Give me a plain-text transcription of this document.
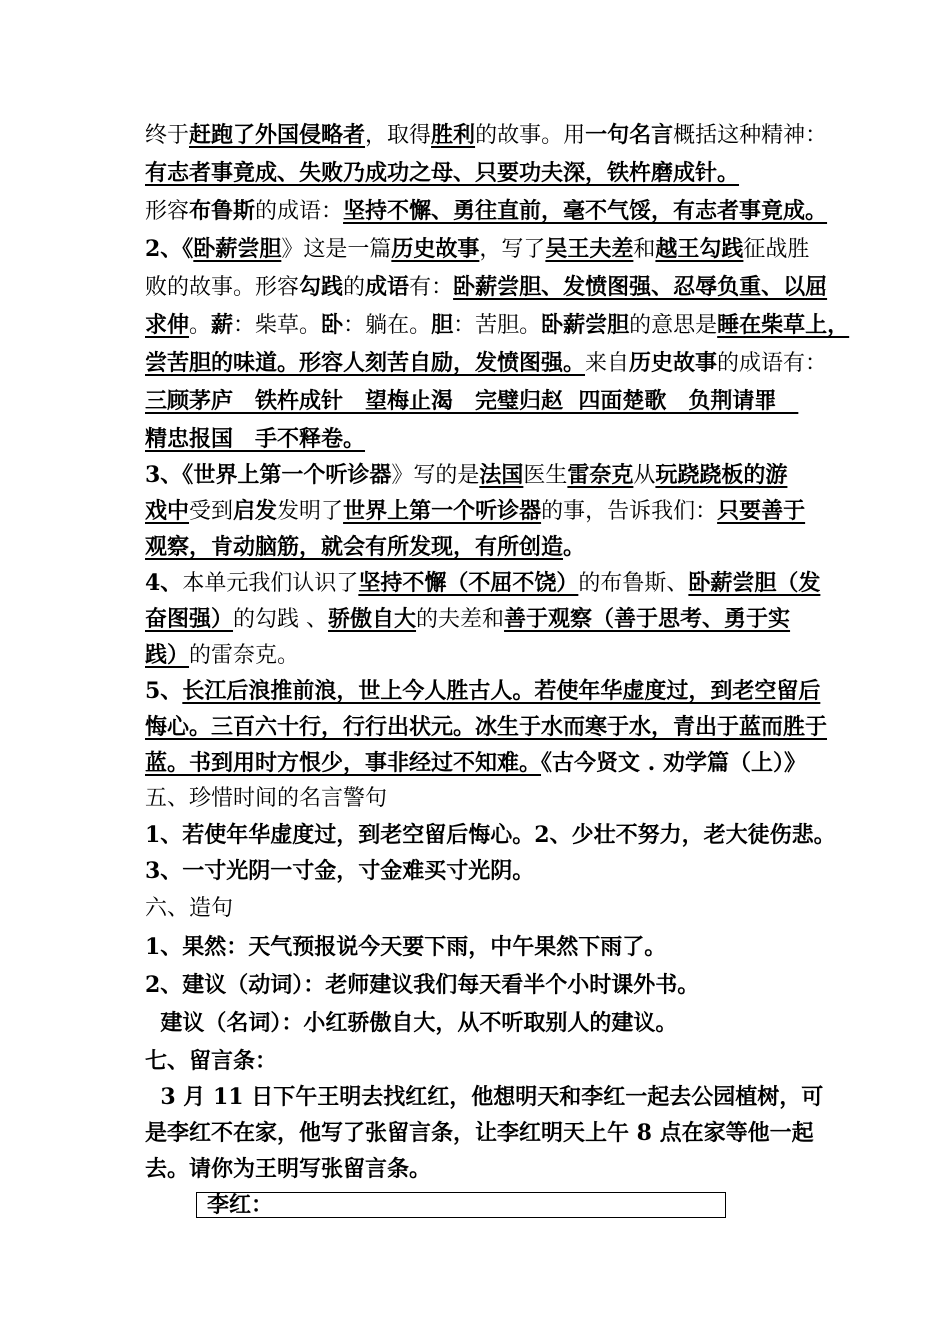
终于赶跑了外国侵略者，取得胜利的故事。用一句名言概括这种精神：
有志者事竟成、失败乃成功之母、只要功夫深，铁杵磨成针。
形容布鲁斯的成语：坚持不懈、勇往直前，毫不气馁，有志者事竟成。
2、《卧薪尝胆》这是一篇历史故事，写了吴王夫差和越王勾践征战胜
败的故事。形容勾践的成语有：卧薪尝胆、发愤图强、忍辱负重、以屈
求伸。薪：柴草。卧：躺在。胆：苦胆。卧薪尝胆的意思是睡在柴草上，
尝苦胆的味道。形容人刻苦自励，发愤图强。来自历史故事的成语有：
三顾茅庐　铁杵成针　望梅止渴　完璧归赵  四面楚歌　负荆请罪　
精忠报国　手不释卷。
3、《世界上第一个听诊器》写的是法国医生雷奈克从玩跷跷板的游
戏中受到启发发明了世界上第一个听诊器的事，告诉我们：只要善于
观察，肯动脑筋，就会有所发现，有所创造。
4、本单元我们认识了坚持不懈（不屈不饶）的布鲁斯、卧薪尝胆（发
奋图强）的勾践 、骄傲自大的夫差和善于观察（善于思考、勇于实
践）的雷奈克。
5、长江后浪推前浪，世上今人胜古人。若使年华虚度过，到老空留后
悔心。三百六十行，行行出状元。冰生于水而寒于水，青出于蓝而胜于
蓝。书到用时方恨少，事非经过不知难。《古今贤文 . 劝学篇（上）》
五、珍惜时间的名言警句
1、若使年华虚度过，到老空留后悔心。2、少壮不努力，老大徒伤悲。
3、一寸光阴一寸金，寸金难买寸光阴。
六、造句
1、果然：天气预报说今天要下雨，中午果然下雨了。
2、建议（动词）：老师建议我们每天看半个小时课外书。
建议（名词）：小红骄傲自大，从不听取别人的建议。
七、留言条：
3 月 11 日下午王明去找红红，他想明天和李红一起去公园植树，可
是李红不在家，他写了张留言条，让李红明天上午 8 点在家等他一起
去。请你为王明写张留言条。
李红：
